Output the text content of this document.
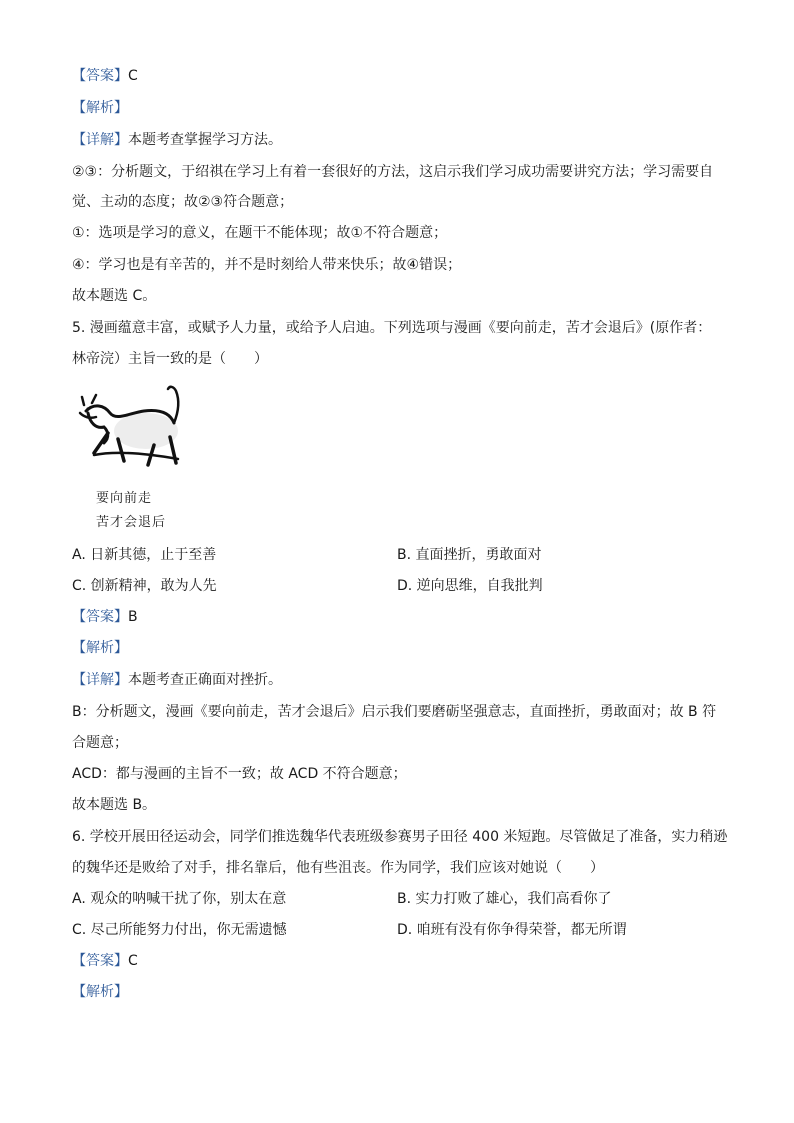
【答案】C
【解析】
【详解】本题考查掌握学习方法。
②③：分析题文，于绍祺在学习上有着一套很好的方法，这启示我们学习成功需要讲究方法；学习需要自
觉、主动的态度；故②③符合题意；
①：选项是学习的意义，在题干不能体现；故①不符合题意；
④：学习也是有辛苦的，并不是时刻给人带来快乐；故④错误；
故本题选 C。
5. 漫画蕴意丰富，或赋予人力量，或给予人启迪。下列选项与漫画《要向前走，苦才会退后》(原作者：
林帝浣）主旨一致的是（　　）
要向前走
苦才会退后
A. 日新其德，止于至善	B. 直面挫折，勇敢面对
C. 创新精神，敢为人先	D. 逆向思维，自我批判
【答案】B
【解析】
【详解】本题考查正确面对挫折。
B：分析题文，漫画《要向前走，苦才会退后》启示我们要磨砺坚强意志，直面挫折，勇敢面对；故 B 符
合题意；
ACD：都与漫画的主旨不一致；故 ACD 不符合题意；
故本题选 B。
6. 学校开展田径运动会，同学们推选魏华代表班级参赛男子田径 400 米短跑。尽管做足了准备，实力稍逊
的魏华还是败给了对手，排名靠后，他有些沮丧。作为同学，我们应该对她说（　　）
A. 观众的呐喊干扰了你，别太在意	B. 实力打败了雄心，我们高看你了
C. 尽己所能努力付出，你无需遗憾	D. 咱班有没有你争得荣誉，都无所谓
【答案】C
【解析】
